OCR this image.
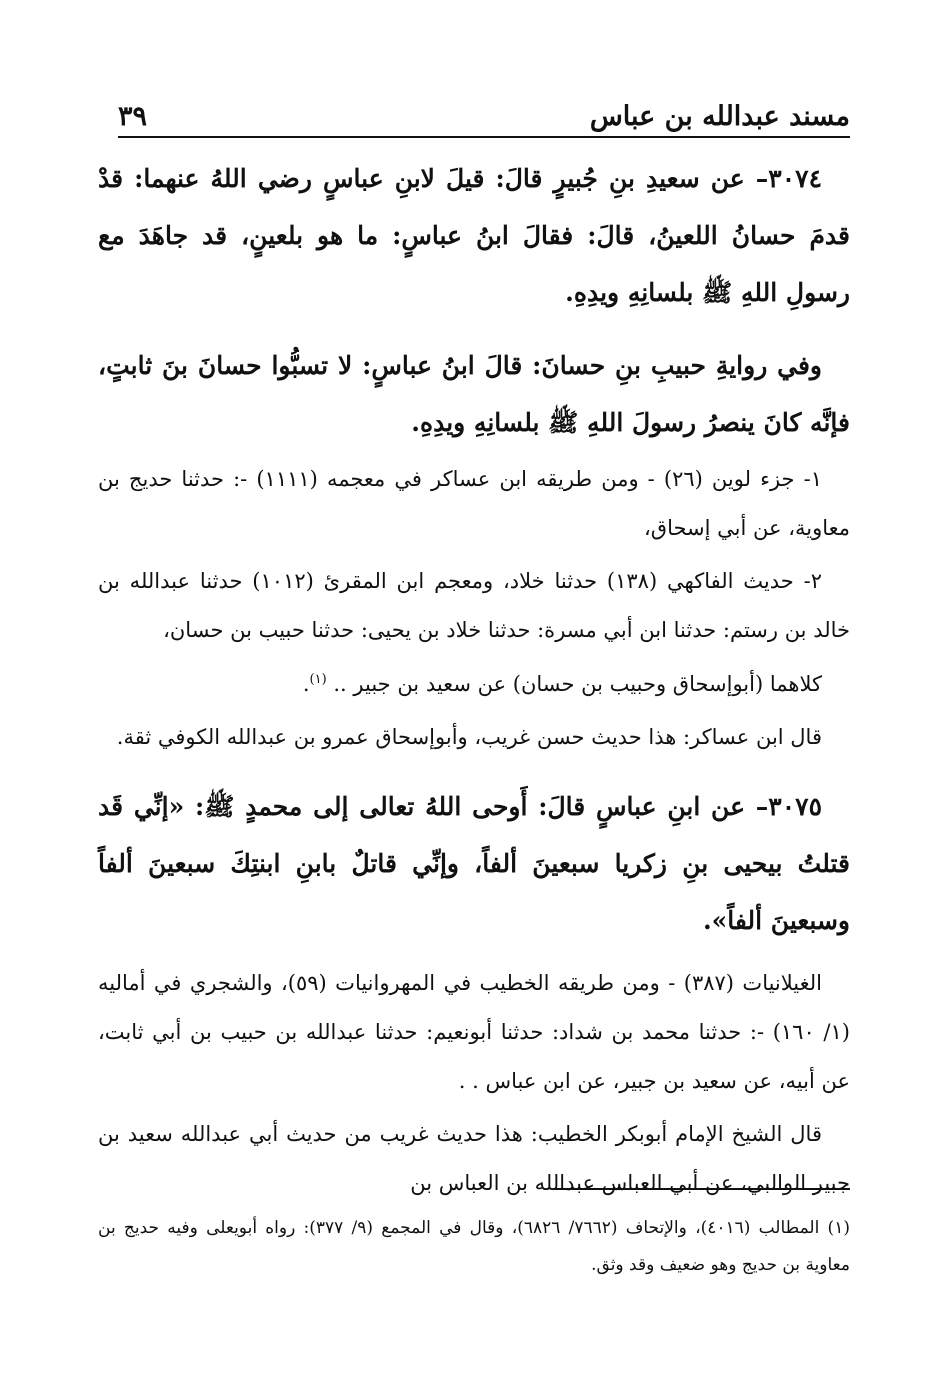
مسند عبدالله بن عباس
٣٩

٣٠٧٤– عن سعيدِ بنِ جُبيرٍ قالَ: قيلَ لابنِ عباسٍ رضي اللهُ عنهما: قدْ قدمَ حسانُ اللعينُ، قالَ: فقالَ ابنُ عباسٍ: ما هو بلعينٍ، قد جاهَدَ مع رسولِ اللهِ ﷺ بلسانِهِ ويدِهِ.

وفي روايةِ حبيبِ بنِ حسانَ: قالَ ابنُ عباسٍ: لا تسبُّوا حسانَ بنَ ثابتٍ، فإنَّه كانَ ينصرُ رسولَ اللهِ ﷺ بلسانِهِ ويدِهِ.

١- جزء لوين (٢٦) - ومن طريقه ابن عساكر في معجمه (١١١١) -: حدثنا حديج بن معاوية، عن أبي إسحاق،

٢- حديث الفاكهي (١٣٨) حدثنا خلاد، ومعجم ابن المقرئ (١٠١٢) حدثنا عبدالله بن خالد بن رستم: حدثنا ابن أبي مسرة: حدثنا خلاد بن يحيى: حدثنا حبيب بن حسان،

كلاهما (أبوإسحاق وحبيب بن حسان) عن سعيد بن جبير .. $^{(١)}$.

قال ابن عساكر: هذا حديث حسن غريب، وأبوإسحاق عمرو بن عبدالله الكوفي ثقة.

٣٠٧٥– عن ابنِ عباسٍ قالَ: أَوحى اللهُ تعالى إلى محمدٍ ﷺ: «إنِّي قَد قتلتُ بيحيى بنِ زكريا سبعينَ ألفاً، وإنِّي قاتلٌ بابنِ ابنتِكَ سبعينَ ألفاً وسبعينَ ألفاً».

الغيلانيات (٣٨٧) - ومن طريقه الخطيب في المهروانيات (٥٩)، والشجري في أماليه (١/ ١٦٠) -: حدثنا محمد بن شداد: حدثنا أبونعيم: حدثنا عبدالله بن حبيب بن أبي ثابت، عن أبيه، عن سعيد بن جبير، عن ابن عباس . .

قال الشيخ الإمام أبوبكر الخطيب: هذا حديث غريب من حديث أبي عبدالله سعيد بن جبير الوالبي، عن أبي العباس عبدالله بن العباس بن

(١) المطالب (٤٠١٦)، والإتحاف (٧٦٦٢/ ٦٨٢٦)، وقال في المجمع (٩/ ٣٧٧): رواه أبويعلى وفيه حديج بن معاوية بن حديج وهو ضعيف وقد وثق.
